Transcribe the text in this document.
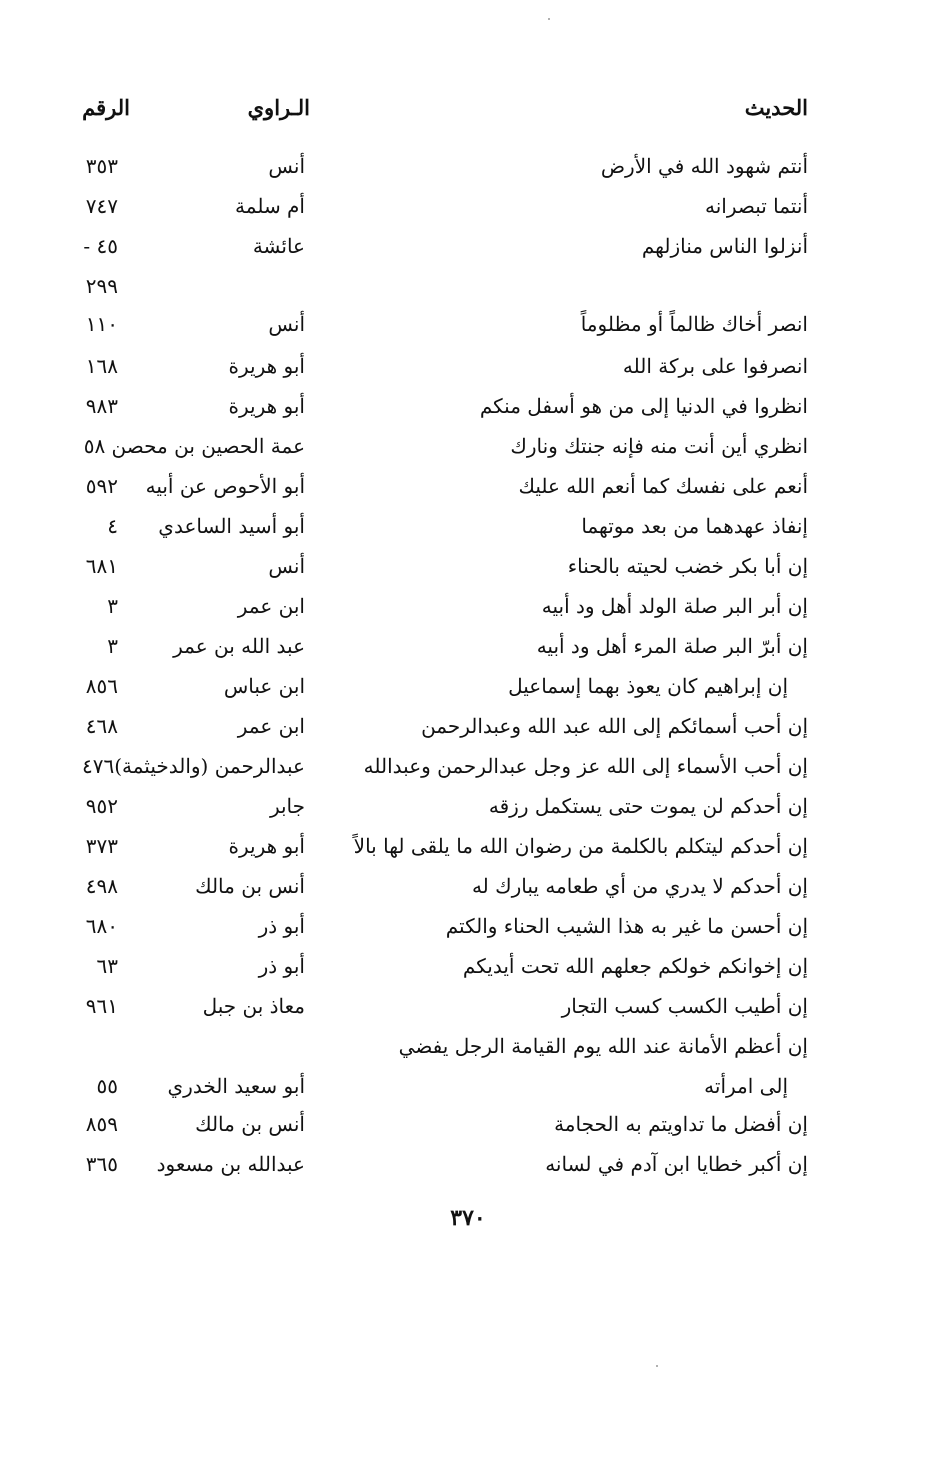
الحديث
الـراوي
الرقم
أنتم شهود الله في الأرض
أنس
٣٥٣
أنتما تبصرانه
أم سلمة
٧٤٧
أنزلوا الناس منازلهم
عائشة
٤٥ -
٢٩٩
انصر أخاك ظالماً أو مظلوماً
أنس
١١٠
انصرفوا على بركة الله
أبو هريرة
١٦٨
انظروا في الدنيا إلى من هو أسفل منكم
أبو هريرة
٩٨٣
انظري أين أنت منه فإنه جنتك ونارك
عمة الحصين بن محصن ٥٨
أنعم على نفسك كما أنعم الله عليك
أبو الأحوص عن أبيه
٥٩٢
إنفاذ عهدهما من بعد موتهما
أبو أسيد الساعدي
٤
إن أبا بكر خضب لحيته بالحناء
أنس
٦٨١
إن أبر البر صلة الولد أهل ود أبيه
ابن عمر
٣
إن أبرّ البر صلة المرء أهل ود أبيه
عبد الله بن عمر
٣
إن إبراهيم كان يعوذ بهما إسماعيل
ابن عباس
٨٥٦
إن أحب أسمائكم إلى الله عبد الله وعبدالرحمن
ابن عمر
٤٦٨
إن أحب الأسماء إلى الله عز وجل عبدالرحمن وعبدالله
عبدالرحمن (والدخيثمة)٤٧٦
إن أحدكم لن يموت حتى يستكمل رزقه
جابر
٩٥٢
إن أحدكم ليتكلم بالكلمة من رضوان الله ما يلقى لها بالاً
أبو هريرة
٣٧٣
إن أحدكم لا يدري من أي طعامه يبارك له
أنس بن مالك
٤٩٨
إن أحسن ما غير به هذا الشيب الحناء والكتم
أبو ذر
٦٨٠
إن إخوانكم خولكم جعلهم الله تحت أيديكم
أبو ذر
٦٣
إن أطيب الكسب كسب التجار
معاذ بن جبل
٩٦١
إن أعظم الأمانة عند الله يوم القيامة الرجل يفضي
إلى امرأته
أبو سعيد الخدري
٥٥
إن أفضل ما تداويتم به الحجامة
أنس بن مالك
٨٥٩
إن أكبر خطايا ابن آدم في لسانه
عبدالله بن مسعود
٣٦٥
٣٧٠
